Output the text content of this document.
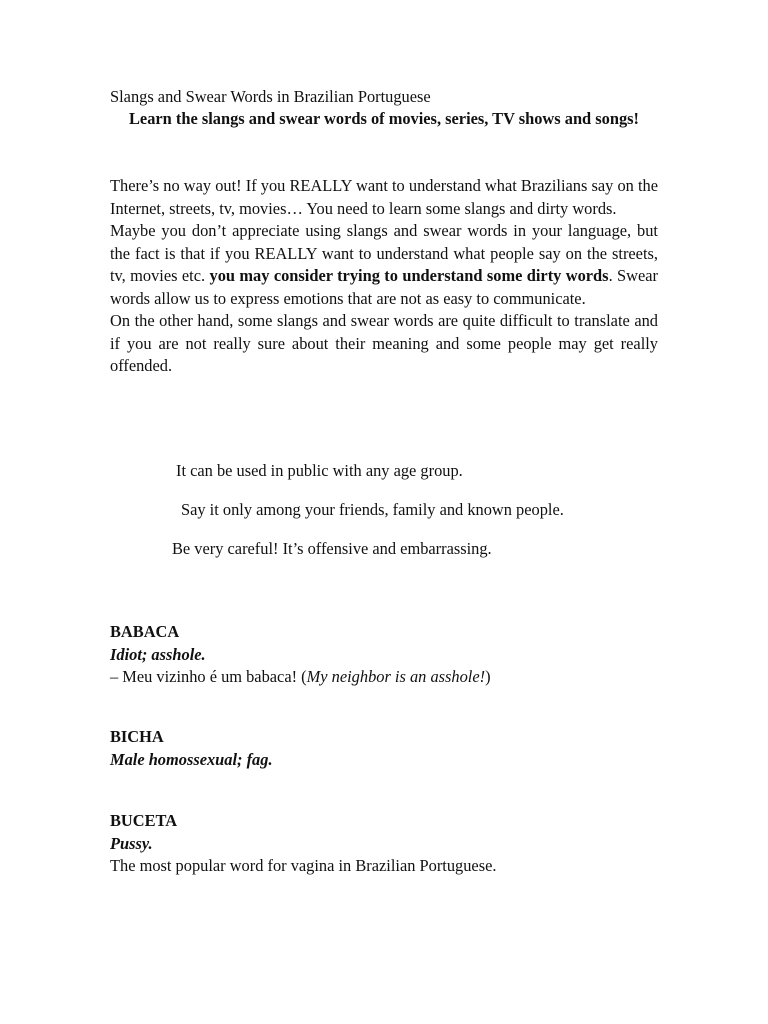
Slangs and Swear Words in Brazilian Portuguese
Learn the slangs and swear words of movies, series, TV shows and songs!

There’s no way out! If you REALLY want to understand what Brazilians say on the Internet, streets, tv, movies… You need to learn some slangs and dirty words.

Maybe you don’t appreciate using slangs and swear words in your language, but the fact is that if you REALLY want to understand what people say on the streets, tv, movies etc. you may consider trying to understand some dirty words. Swear words allow us to express emotions that are not as easy to communicate.

On the other hand, some slangs and swear words are quite difficult to translate and if you are not really sure about their meaning and some people may get really offended.

It can be used in public with any age group.
Say it only among your friends, family and known people.
Be very careful! It’s offensive and embarrassing.
BABACA
Idiot; asshole.
– Meu vizinho é um babaca! (My neighbor is an asshole!)
BICHA
Male homossexual; fag.
BUCETA
Pussy.
The most popular word for vagina in Brazilian Portuguese.
